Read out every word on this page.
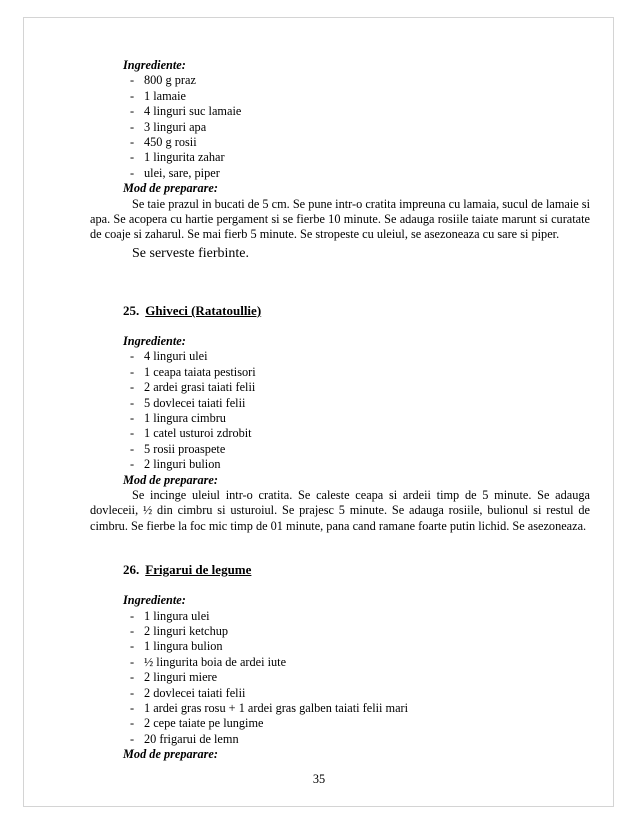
Ingrediente:
- 800 g praz
- 1 lamaie
- 4 linguri suc lamaie
- 3 linguri apa
- 450 g rosii
- 1 lingurita zahar
- ulei, sare, piper
Mod de preparare:

Se taie prazul in bucati de 5 cm. Se pune intr-o cratita impreuna cu lamaia, sucul de lamaie si apa. Se acopera cu hartie pergament si se fierbe 10 minute. Se adauga rosiile taiate marunt si curatate de coaje si zaharul. Se mai fierb 5 minute. Se stropeste cu uleiul, se asezoneaza cu sare si piper.

Se serveste fierbinte.
25. Ghiveci (Ratatoullie)
Ingrediente:
- 4 linguri ulei
- 1 ceapa taiata pestisori
- 2 ardei grasi taiati felii
- 5 dovlecei taiati felii
- 1 lingura cimbru
- 1 catel usturoi zdrobit
- 5 rosii proaspete
- 2 linguri bulion
Mod de preparare:

Se incinge uleiul intr-o cratita. Se caleste ceapa si ardeii timp de 5 minute. Se adauga dovleceii, ½ din cimbru si usturoiul. Se prajesc 5 minute. Se adauga rosiile, bulionul si restul de cimbru. Se fierbe la foc mic timp de 01 minute, pana cand ramane foarte putin lichid. Se asezoneaza.

26. Frigarui de legume
Ingrediente:
- 1 lingura ulei
- 2 linguri ketchup
- 1 lingura bulion
- ½ lingurita boia de ardei iute
- 2 linguri miere
- 2 dovlecei taiati felii
- 1 ardei gras rosu + 1 ardei gras galben taiati felii mari
- 2 cepe taiate pe lungime
- 20 frigarui de lemn
Mod de preparare:
35
